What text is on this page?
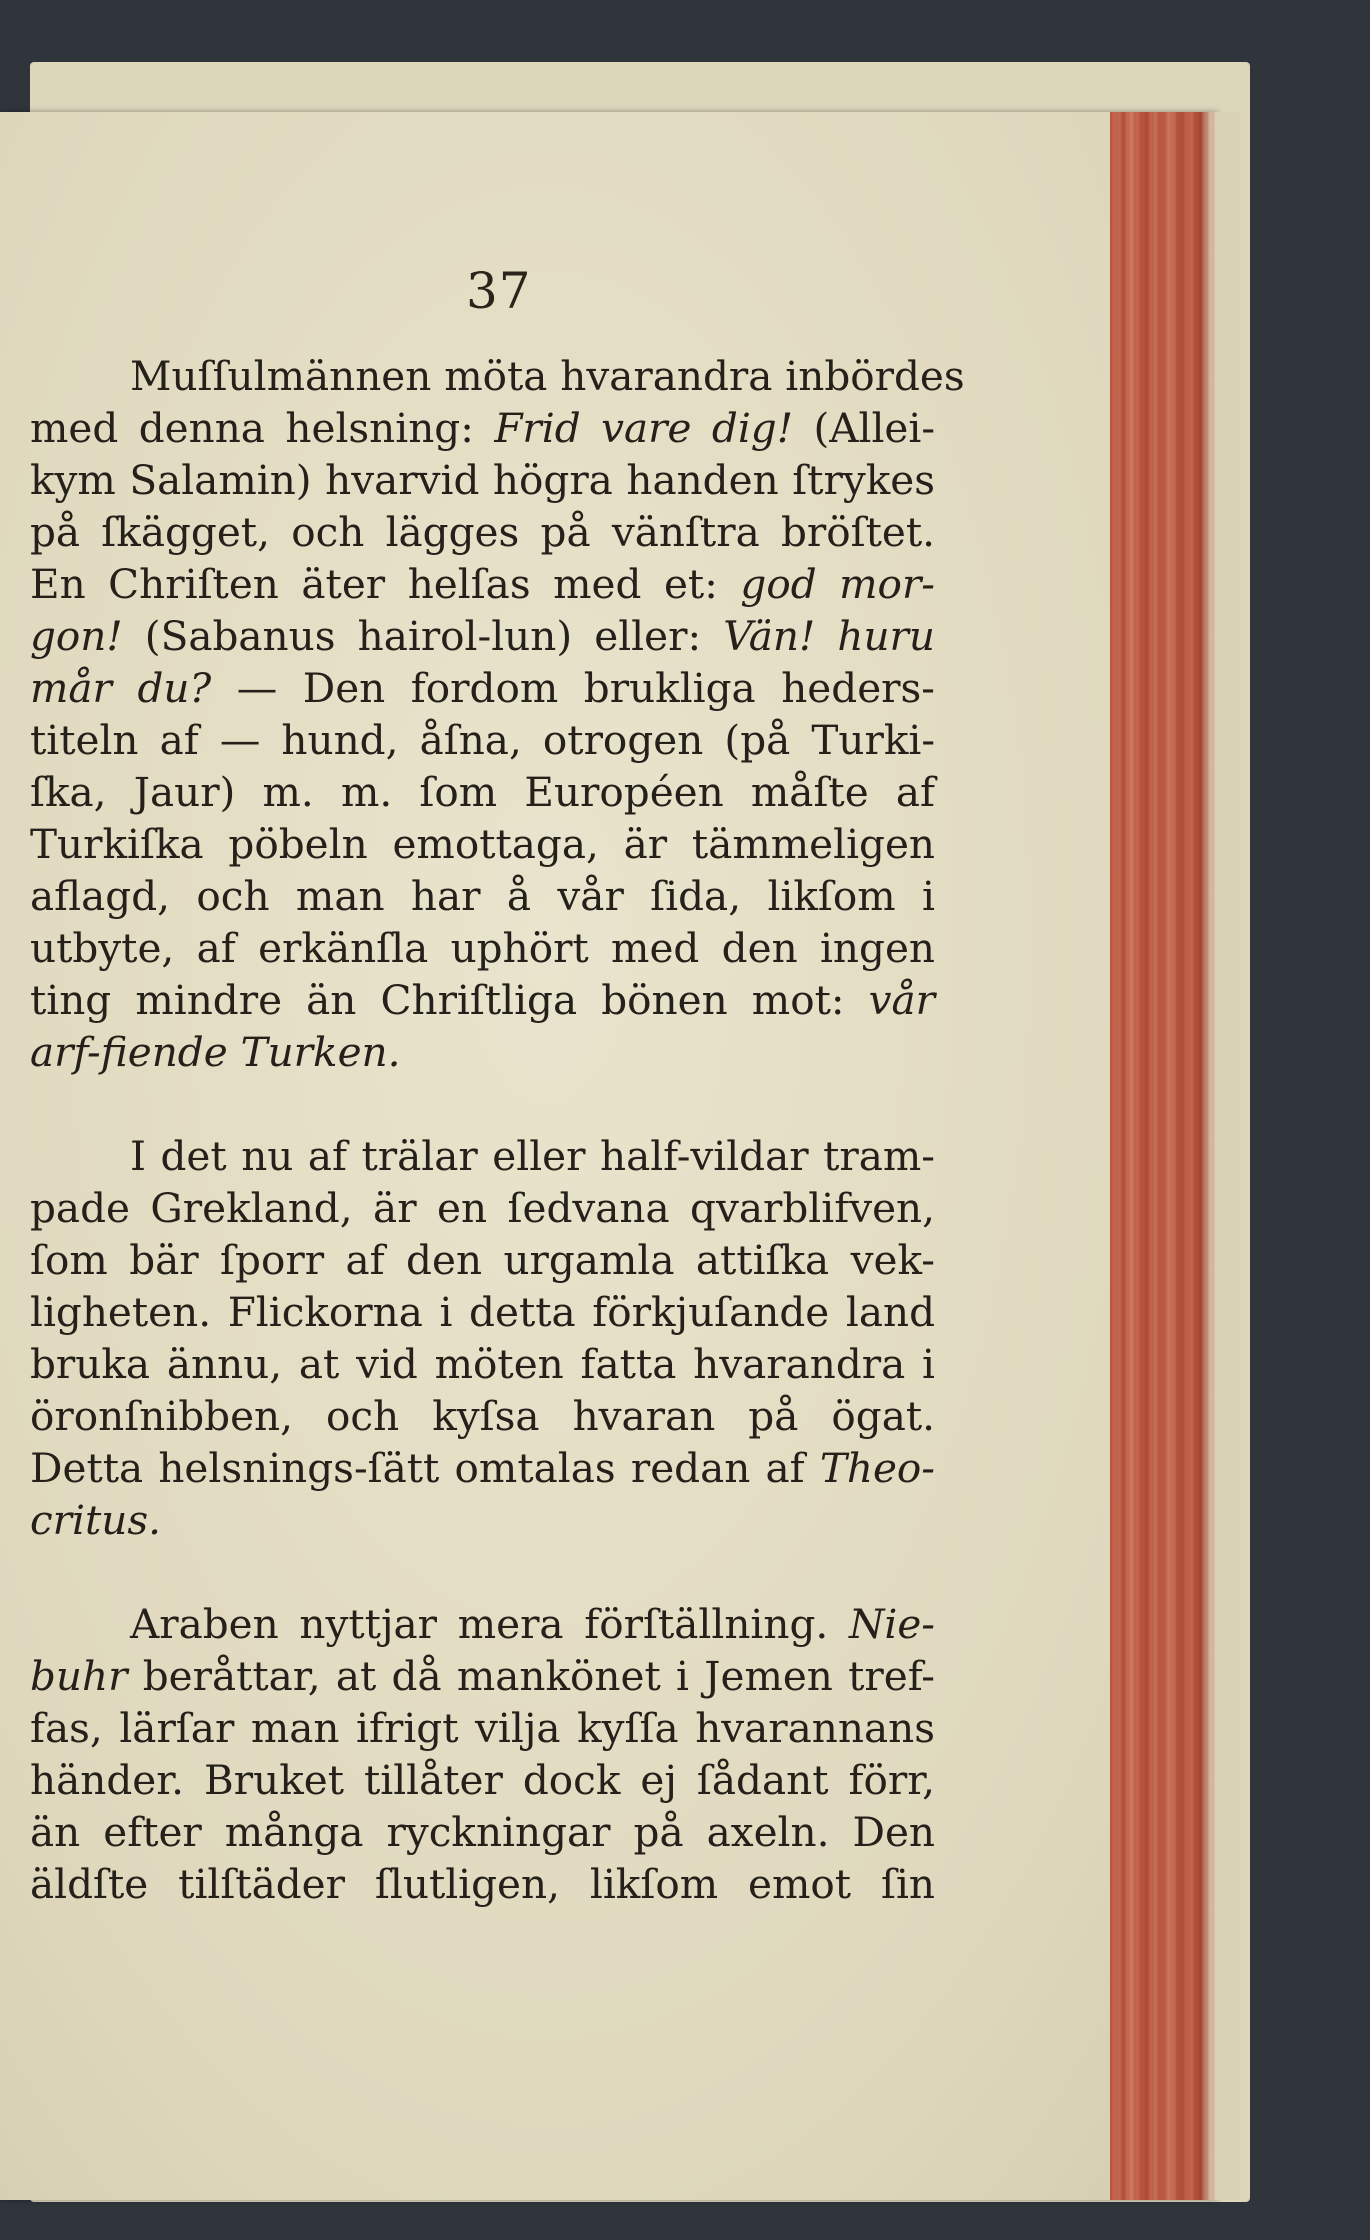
37
Muſſulmännen möta hvarandra inbördes
med denna helsning: Frid vare dig! (Allei-
kym Salamin) hvarvid högra handen ſtrykes
på ſkägget, och lägges på vänſtra bröſtet.
En Chriſten äter helſas med et: god mor-
gon! (Sabanus hairol-lun) eller: Vän! huru
mår du? — Den fordom brukliga heders-
titeln af — hund, åſna, otrogen (på Turki-
ſka, Jaur) m. m. ſom Européen måſte af
Turkiſka pöbeln emottaga, är tämmeligen
aflagd, och man har å vår ſida, likſom i
utbyte, af erkänſla uphört med den ingen
ting mindre än Chriſtliga bönen mot: vår
arf-fiende Turken.
I det nu af trälar eller half-vildar tram-
pade Grekland, är en ſedvana qvarblifven,
ſom bär ſporr af den urgamla attiſka vek-
ligheten. Flickorna i detta förkjuſande land
bruka ännu, at vid möten fatta hvarandra i
öronſnibben, och kyſsa hvaran på ögat.
Detta helsnings-ſätt omtalas redan af Theo-
critus.
Araben nyttjar mera förſtällning. Nie-
buhr beråttar, at då mankönet i Jemen tref-
fas, lärſar man ifrigt vilja kyſſa hvarannans
händer. Bruket tillåter dock ej ſådant förr,
än efter många ryckningar på axeln. Den
äldſte tilſtäder ſlutligen, likſom emot ſin
